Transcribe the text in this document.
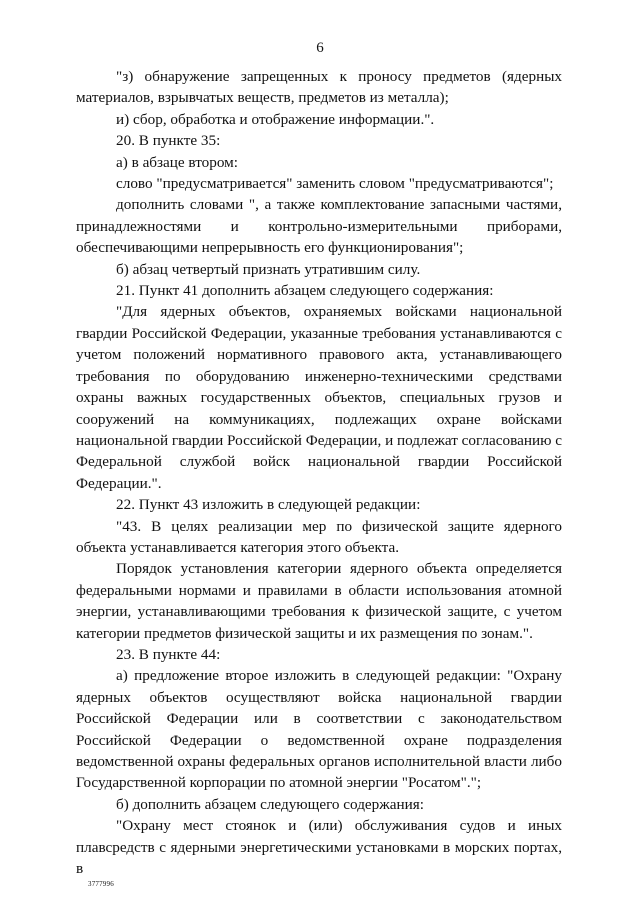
6

"з) обнаружение запрещенных к проносу предметов (ядерных материалов, взрывчатых веществ, предметов из металла);

и) сбор, обработка и отображение информации.".

20. В пункте 35:

а) в абзаце втором:

слово "предусматривается" заменить словом "предусматриваются";

дополнить словами ", а также комплектование запасными частями, принадлежностями и контрольно-измерительными приборами, обеспечивающими непрерывность его функционирования";

б) абзац четвертый признать утратившим силу.

21. Пункт 41 дополнить абзацем следующего содержания:

"Для ядерных объектов, охраняемых войсками национальной гвардии Российской Федерации, указанные требования устанавливаются с учетом положений нормативного правового акта, устанавливающего требования по оборудованию инженерно-техническими средствами охраны важных государственных объектов, специальных грузов и сооружений на коммуникациях, подлежащих охране войсками национальной гвардии Российской Федерации, и подлежат согласованию с Федеральной службой войск национальной гвардии Российской Федерации.".

22. Пункт 43 изложить в следующей редакции:

"43. В целях реализации мер по физической защите ядерного объекта устанавливается категория этого объекта.

Порядок установления категории ядерного объекта определяется федеральными нормами и правилами в области использования атомной энергии, устанавливающими требования к физической защите, с учетом категории предметов физической защиты и их размещения по зонам.".

23. В пункте 44:

а) предложение второе изложить в следующей редакции: "Охрану ядерных объектов осуществляют войска национальной гвардии Российской Федерации или в соответствии с законодательством Российской Федерации о ведомственной охране подразделения ведомственной охраны федеральных органов исполнительной власти либо Государственной корпорации по атомной энергии "Росатом".";

б) дополнить абзацем следующего содержания:

"Охрану мест стоянок и (или) обслуживания судов и иных плавсредств с ядерными энергетическими установками в морских портах, в

3777996
